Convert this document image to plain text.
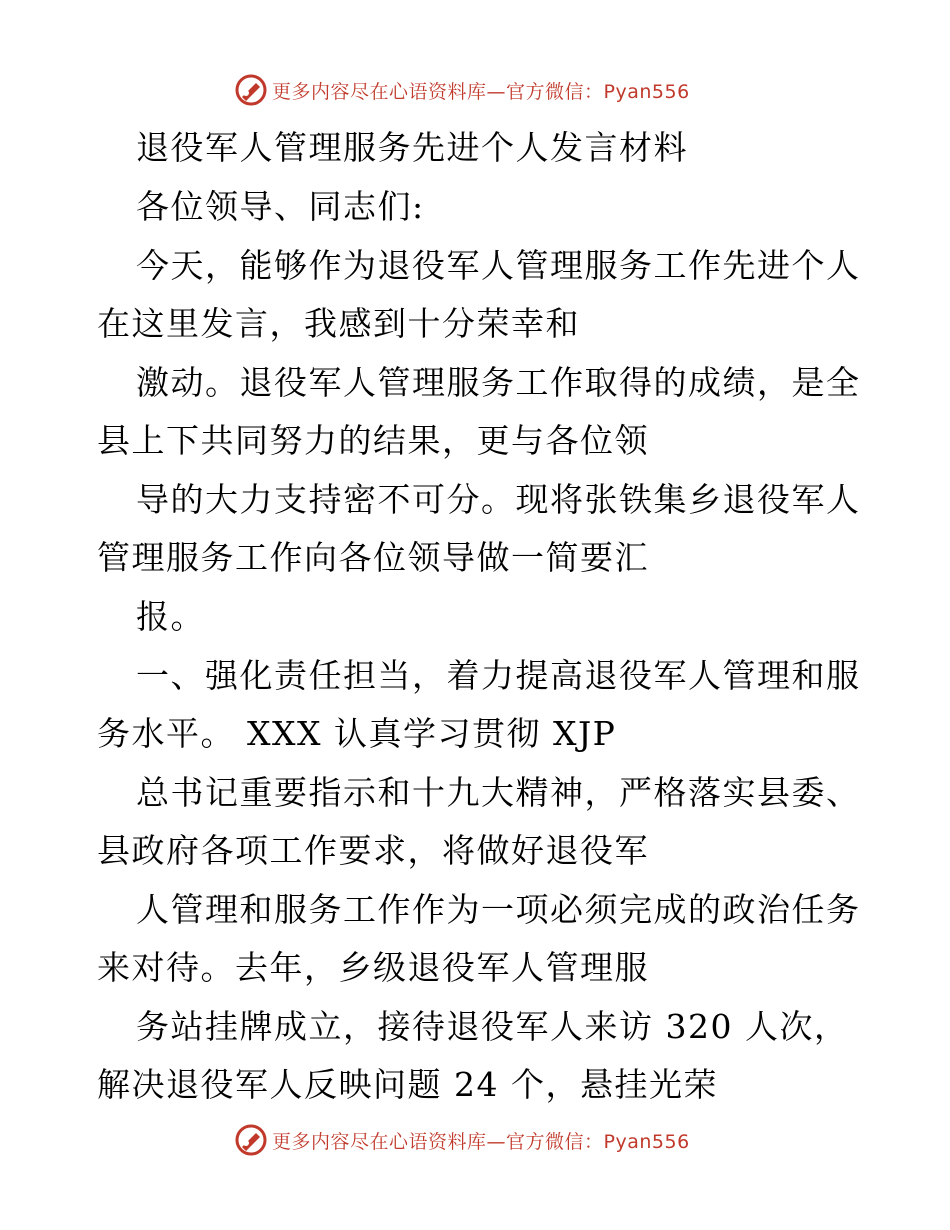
更多内容尽在心语资料库—官方微信：Pyan556
退役军人管理服务先进个人发言材料
各位领导、同志们:
今天，能够作为退役军人管理服务工作先进个人
在这里发言，我感到十分荣幸和
激动。退役军人管理服务工作取得的成绩，是全
县上下共同努力的结果，更与各位领
导的大力支持密不可分。现将张铁集乡退役军人
管理服务工作向各位领导做一简要汇
报。
一、强化责任担当，着力提高退役军人管理和服
务水平。 XXX 认真学习贯彻 XJP
总书记重要指示和十九大精神，严格落实县委、
县政府各项工作要求，将做好退役军
人管理和服务工作作为一项必须完成的政治任务
来对待。去年，乡级退役军人管理服
务站挂牌成立，接待退役军人来访 320 人次，
解决退役军人反映问题 24 个，悬挂光荣
更多内容尽在心语资料库—官方微信：Pyan556
